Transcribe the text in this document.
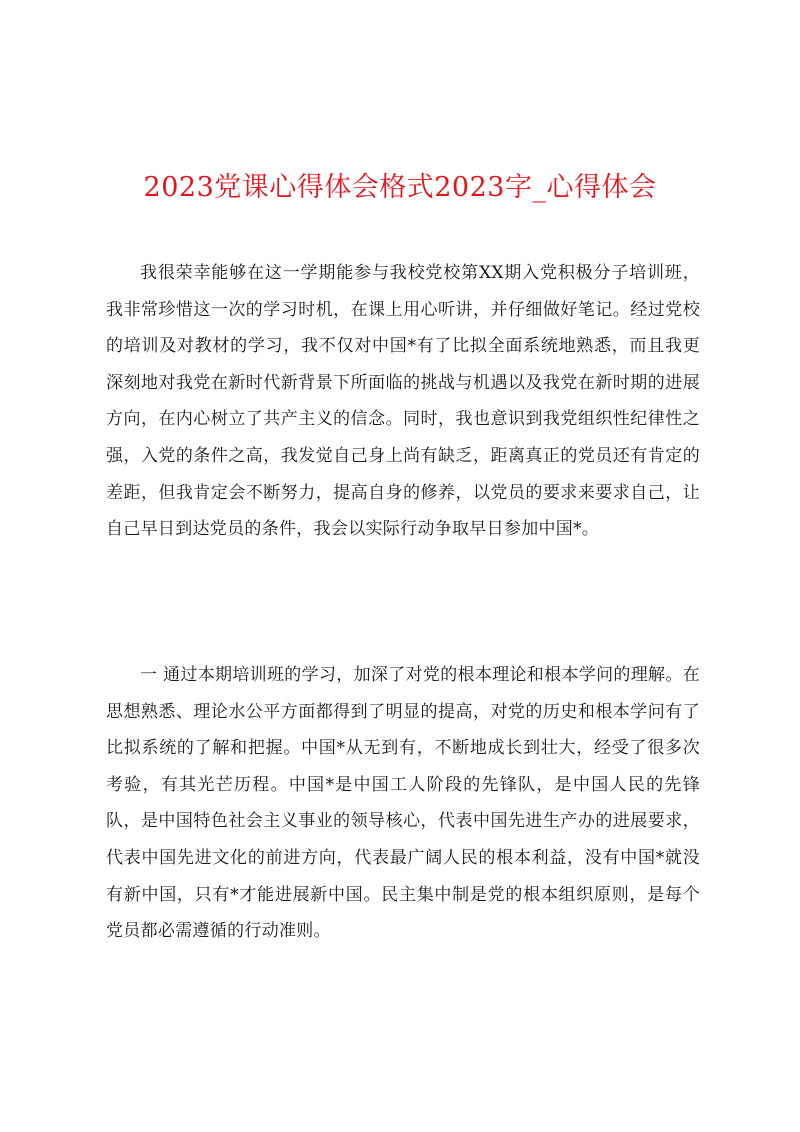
2023党课心得体会格式2023字_心得体会

我很荣幸能够在这一学期能参与我校党校第XX期入党积极分子培训班，我非常珍惜这一次的学习时机，在课上用心听讲，并仔细做好笔记。经过党校的培训及对教材的学习，我不仅对中国*有了比拟全面系统地熟悉，而且我更深刻地对我党在新时代新背景下所面临的挑战与机遇以及我党在新时期的进展方向，在内心树立了共产主义的信念。同时，我也意识到我党组织性纪律性之强，入党的条件之高，我发觉自己身上尚有缺乏，距离真正的党员还有肯定的差距，但我肯定会不断努力，提高自身的修养，以党员的要求来要求自己，让自己早日到达党员的条件，我会以实际行动争取早日参加中国*。

一 通过本期培训班的学习，加深了对党的根本理论和根本学问的理解。在思想熟悉、理论水公平方面都得到了明显的提高，对党的历史和根本学问有了比拟系统的了解和把握。中国*从无到有，不断地成长到壮大，经受了很多次考验，有其光芒历程。中国*是中国工人阶段的先锋队，是中国人民的先锋队，是中国特色社会主义事业的领导核心，代表中国先进生产办的进展要求，代表中国先进文化的前进方向，代表最广阔人民的根本利益，没有中国*就没有新中国，只有*才能进展新中国。民主集中制是党的根本组织原则，是每个党员都必需遵循的行动准则。
